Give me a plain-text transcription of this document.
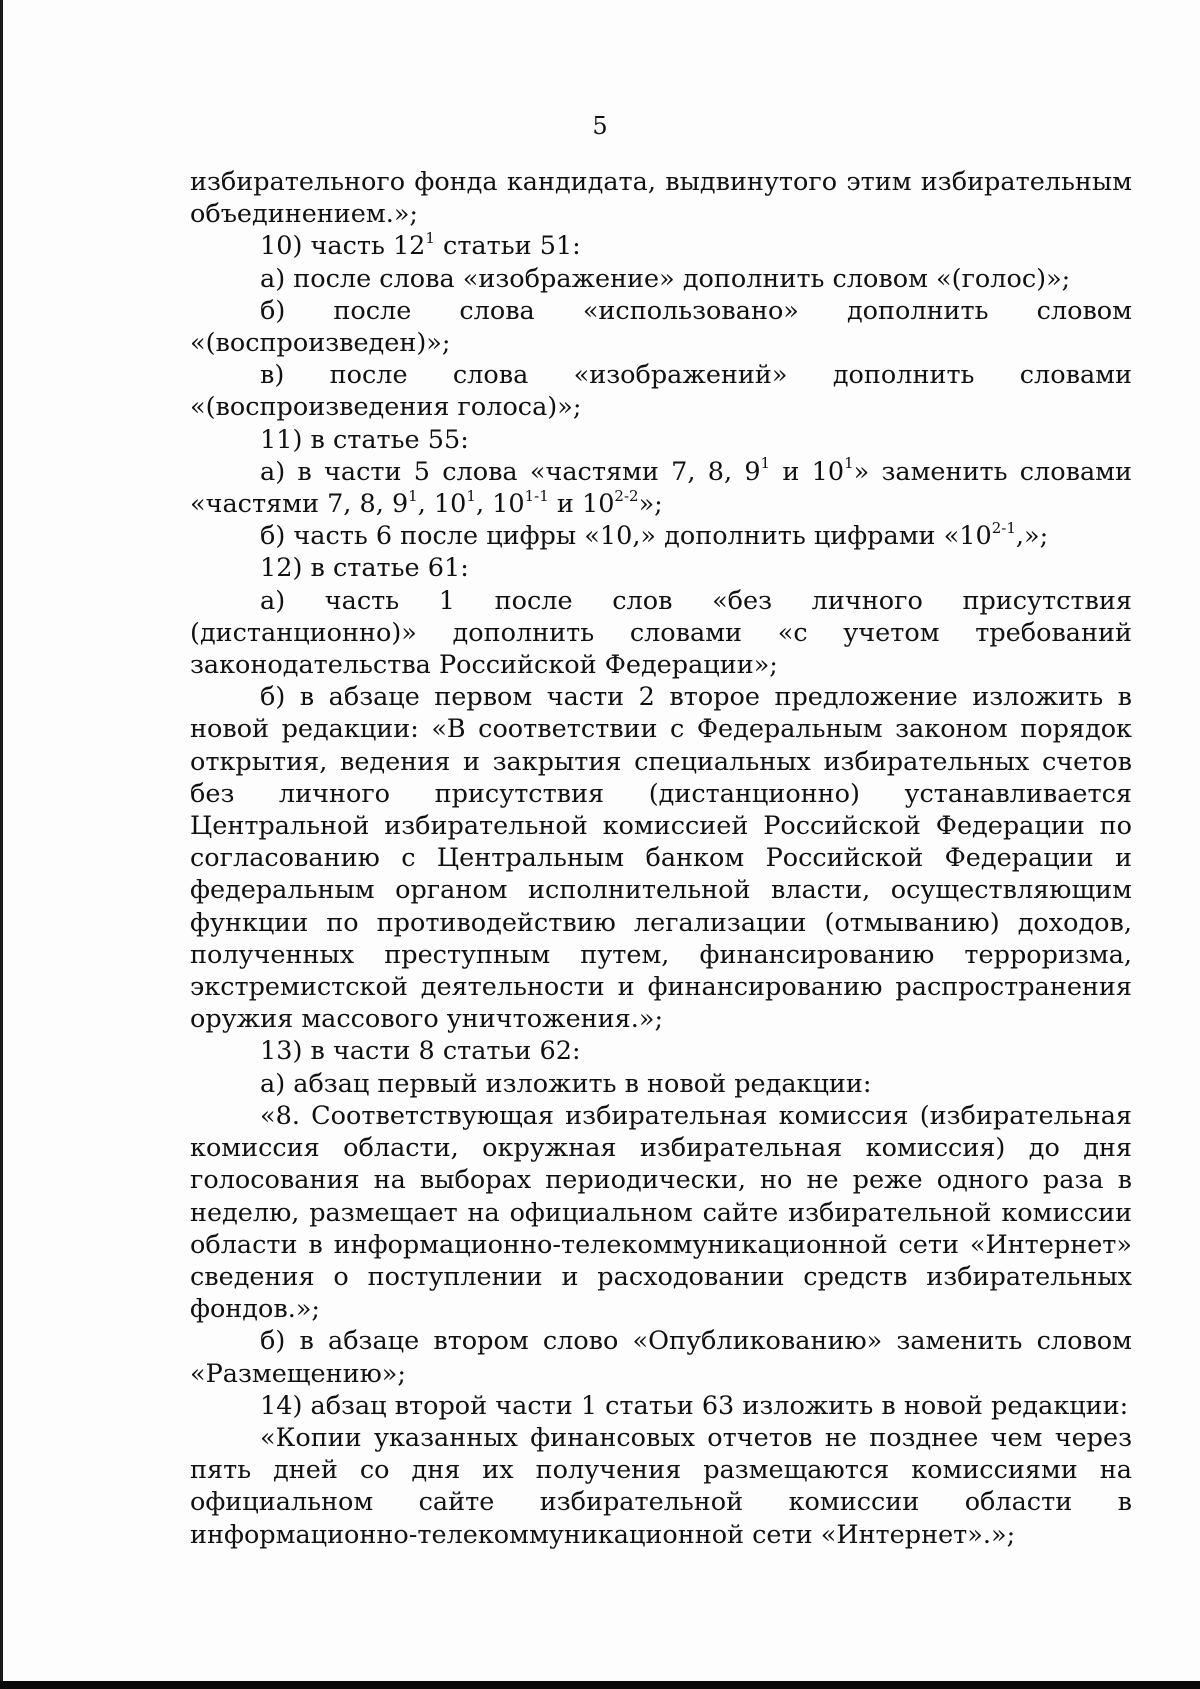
5

избирательного фонда кандидата, выдвинутого этим избирательным объединением.»;

10) часть $12^1$ статьи 51:

а) после слова «изображение» дополнить словом «(голос)»;

б) после слова «использовано» дополнить словом «(воспроизведен)»;

в) после слова «изображений» дополнить словами «(воспроизведения голоса)»;

11) в статье 55:

а) в части 5 слова «частями 7, 8, $9^1$ и $10^1$» заменить словами «частями 7, 8, $9^1$, $10^1$, 10$^{1-1}$ и 10$^{2-2}$»;

б) часть 6 после цифры «10,» дополнить цифрами «10$^{2-1}$,»;

12) в статье 61:

а) часть 1 после слов «без личного присутствия (дистанционно)» дополнить словами «с учетом требований законодательства Российской Федерации»;

б) в абзаце первом части 2 второе предложение изложить в новой редакции: «В соответствии с Федеральным законом порядок открытия, ведения и закрытия специальных избирательных счетов без личного присутствия (дистанционно) устанавливается Центральной избирательной комиссией Российской Федерации по согласованию с Центральным банком Российской Федерации и федеральным органом исполнительной власти, осуществляющим функции по противодействию легализации (отмыванию) доходов, полученных преступным путем, финансированию терроризма, экстремистской деятельности и финансированию распространения оружия массового уничтожения.»;

13) в части 8 статьи 62:

а) абзац первый изложить в новой редакции:

«8. Соответствующая избирательная комиссия (избирательная комиссия области, окружная избирательная комиссия) до дня голосования на выборах периодически, но не реже одного раза в неделю, размещает на официальном сайте избирательной комиссии области в информационно-телекоммуникационной сети «Интернет» сведения о поступлении и расходовании средств избирательных фондов.»;

б) в абзаце втором слово «Опубликованию» заменить словом «Размещению»;

14) абзац второй части 1 статьи 63 изложить в новой редакции:

«Копии указанных финансовых отчетов не позднее чем через пять дней со дня их получения размещаются комиссиями на официальном сайте избирательной комиссии области в информационно-телекоммуникационной сети «Интернет».»;
